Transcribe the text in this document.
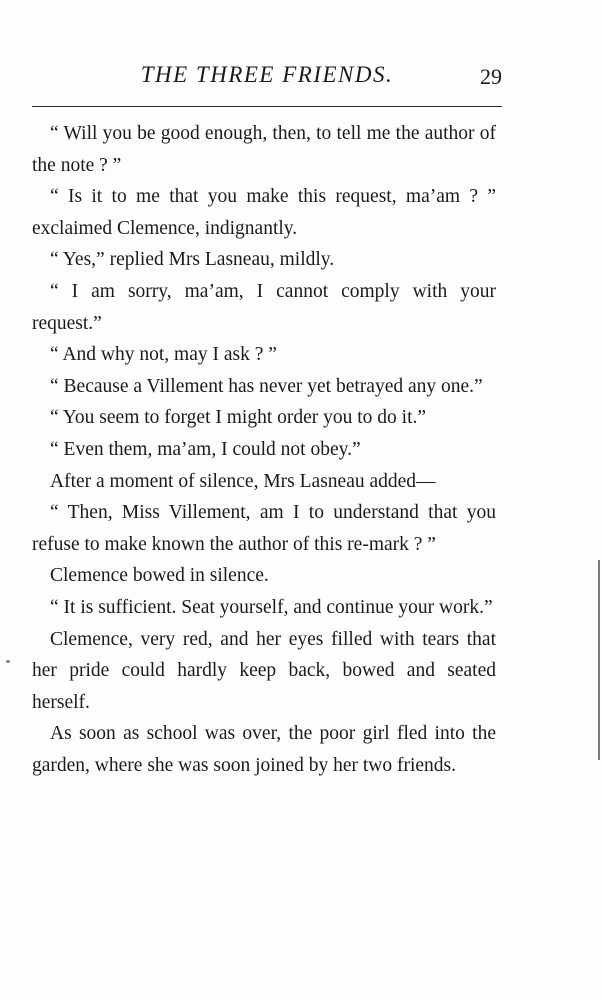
THE THREE FRIENDS.	29

“ Will you be good enough, then, to tell me the author of the note ? ”

“ Is it to me that you make this request, ma’am ? ” exclaimed Clemence, indignantly.

“ Yes,” replied Mrs Lasneau, mildly.

“ I am sorry, ma’am, I cannot comply with your request.”

“ And why not, may I ask ? ”

“ Because a Villement has never yet betrayed any one.”

“ You seem to forget I might order you to do it.”

“ Even them, ma’am, I could not obey.”

After a moment of silence, Mrs Lasneau added—

“ Then, Miss Villement, am I to understand that you refuse to make known the author of this re-mark ? ”

Clemence bowed in silence.

“ It is sufficient. Seat yourself, and continue your work.”

Clemence, very red, and her eyes filled with tears that her pride could hardly keep back, bowed and seated herself.

As soon as school was over, the poor girl fled into the garden, where she was soon joined by her two friends.
